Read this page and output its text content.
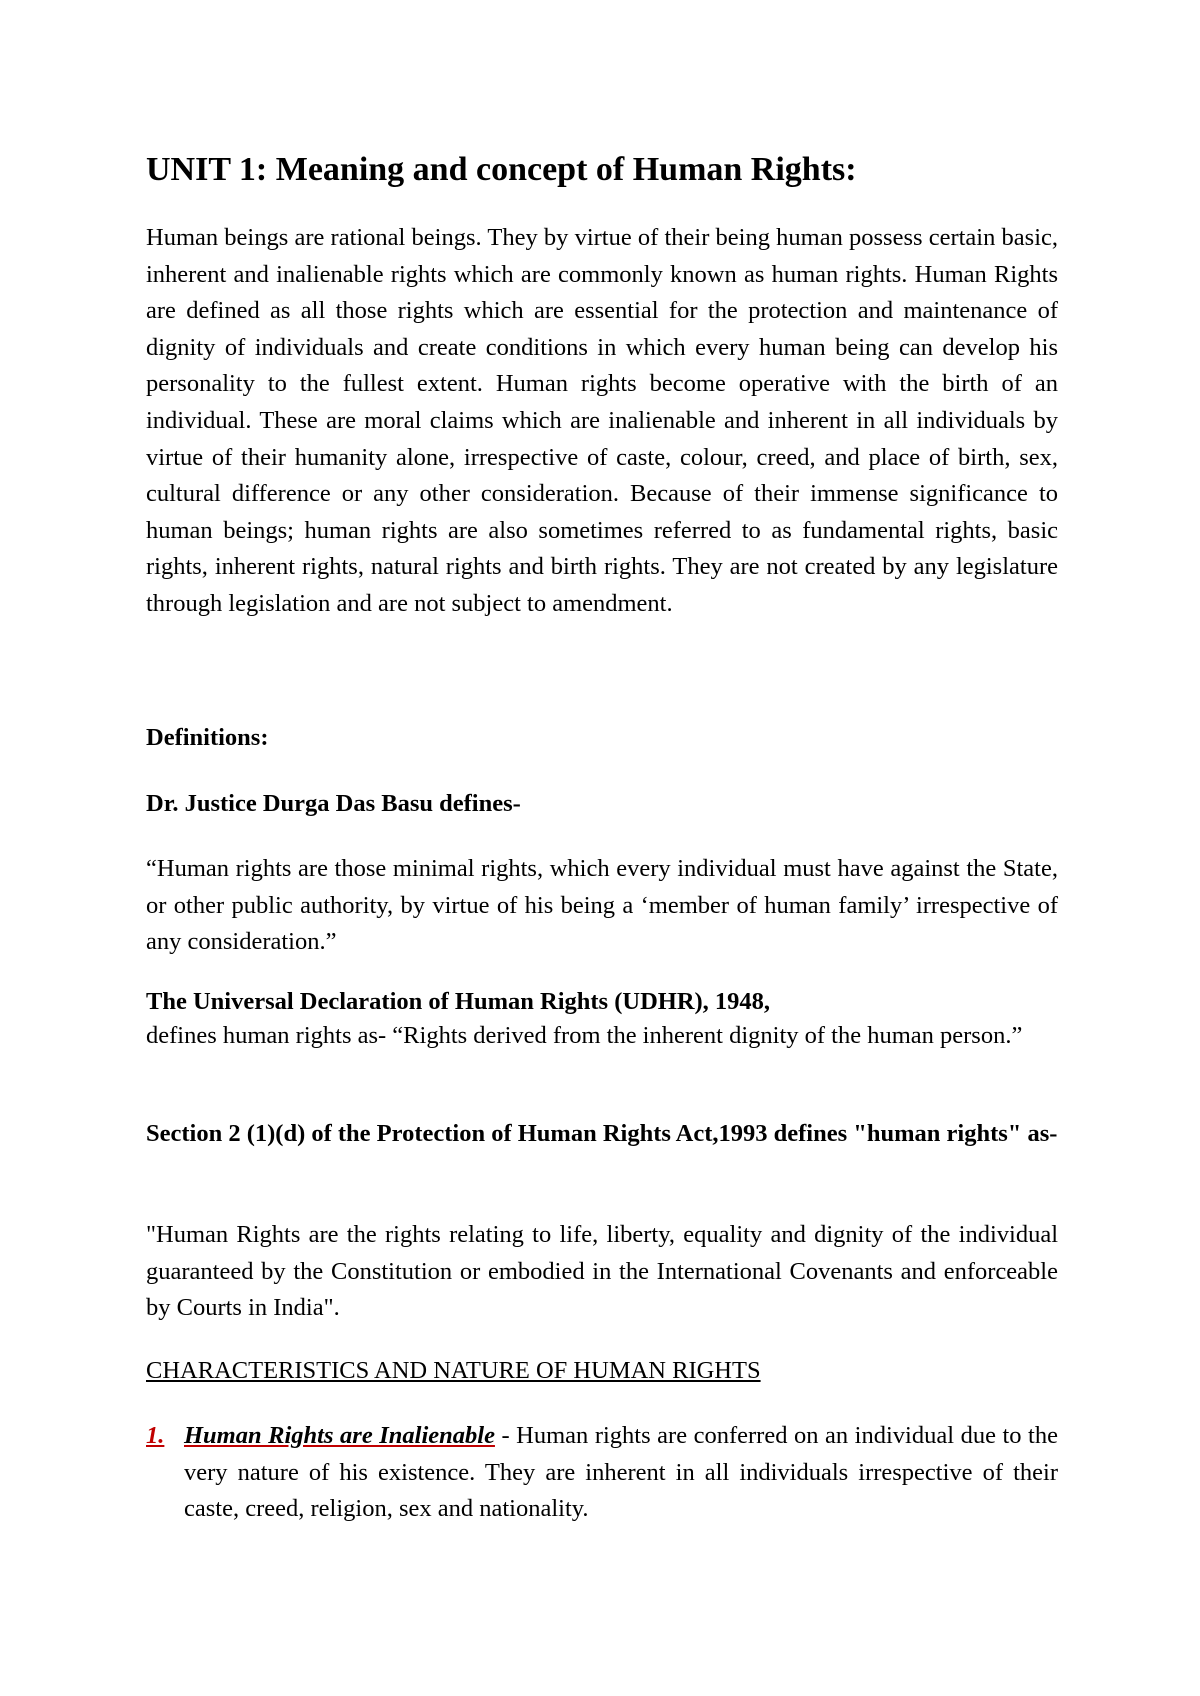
UNIT 1: Meaning and concept of Human Rights:

Human beings are rational beings. They by virtue of their being human possess certain basic, inherent and inalienable rights which are commonly known as human rights. Human Rights are defined as all those rights which are essential for the protection and maintenance of dignity of individuals and create conditions in which every human being can develop his personality to the fullest extent. Human rights become operative with the birth of an individual. These are moral claims which are inalienable and inherent in all individuals by virtue of their humanity alone, irrespective of caste, colour, creed, and place of birth, sex, cultural difference or any other consideration. Because of their immense significance to human beings; human rights are also sometimes referred to as fundamental rights, basic rights, inherent rights, natural rights and birth rights. They are not created by any legislature through legislation and are not subject to amendment.

Definitions:

Dr. Justice Durga Das Basu defines-

“Human rights are those minimal rights, which every individual must have against the State, or other public authority, by virtue of his being a ‘member of human family’ irrespective of any consideration.”

The Universal Declaration of Human Rights (UDHR), 1948,
defines human rights as- “Rights derived from the inherent dignity of the human person.”

Section 2 (1)(d) of the Protection of Human Rights Act,1993 defines "human rights" as-

"Human Rights are the rights relating to life, liberty, equality and dignity of the individual guaranteed by the Constitution or embodied in the International Covenants and enforceable by Courts in India".

CHARACTERISTICS AND NATURE OF HUMAN RIGHTS

1. Human Rights are Inalienable - Human rights are conferred on an individual due to the very nature of his existence. They are inherent in all individuals irrespective of their caste, creed, religion, sex and nationality.
